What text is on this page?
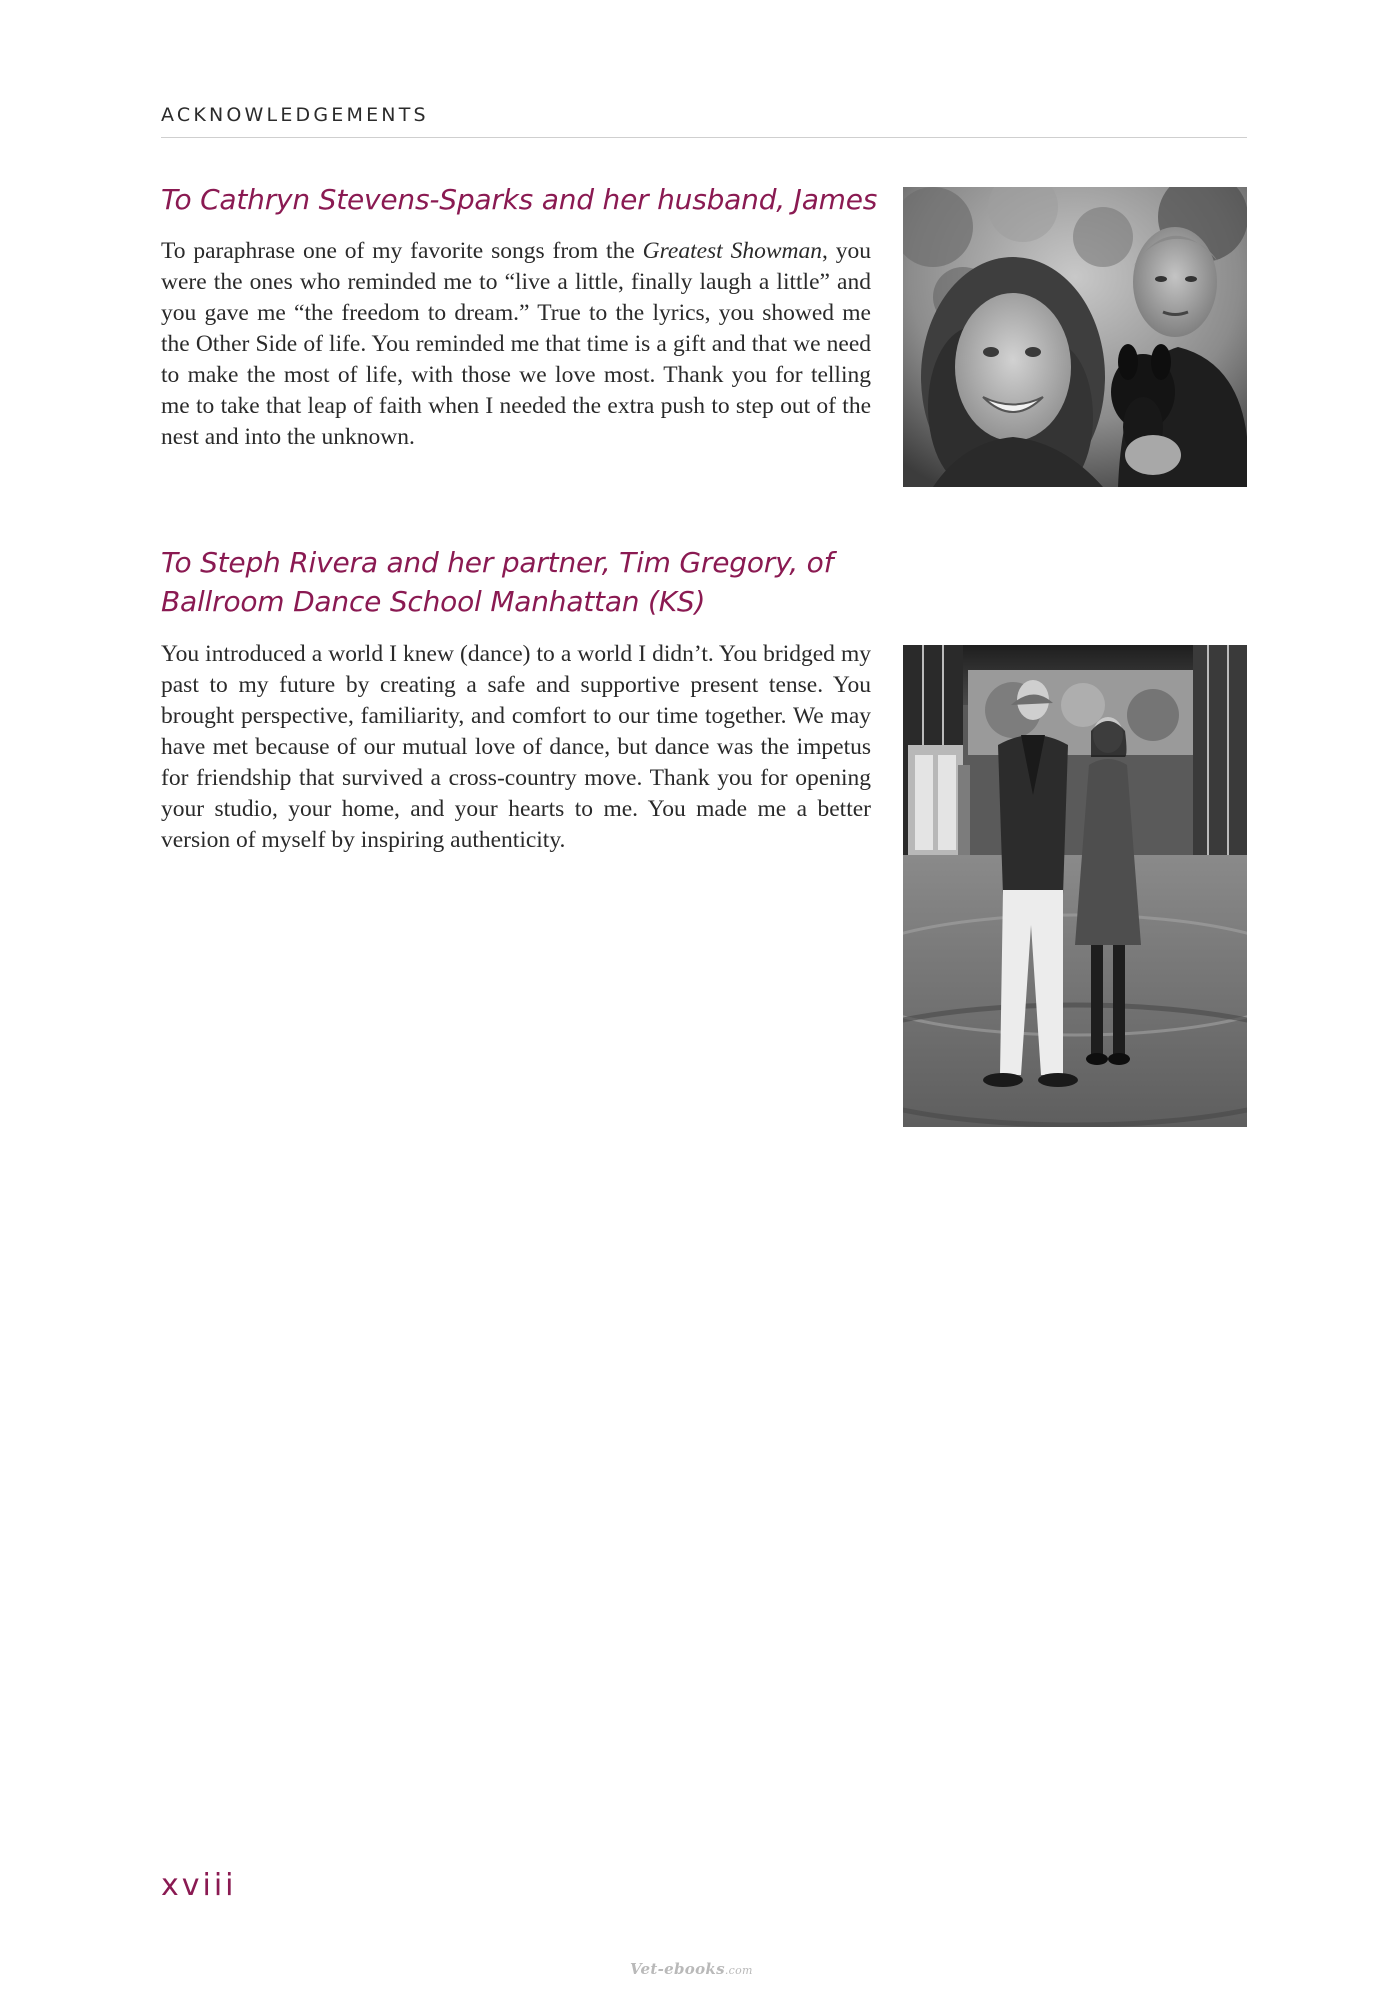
ACKNOWLEDGEMENTS
To Cathryn Stevens-Sparks and her husband, James

To paraphrase one of my favorite songs from the Greatest Showman, you were the ones who reminded me to “live a little, finally laugh a little” and you gave me “the freedom to dream.” True to the lyrics, you showed me the Other Side of life. You reminded me that time is a gift and that we need to make the most of life, with those we love most. Thank you for telling me to take that leap of faith when I needed the extra push to step out of the nest and into the unknown.

To Steph Rivera and her partner, Tim Gregory, of
Ballroom Dance School Manhattan (KS)

You introduced a world I knew (dance) to a world I didn’t. You bridged my past to my future by creating a safe and supportive present tense. You brought perspective, familiarity, and comfort to our time together. We may have met because of our mutual love of dance, but dance was the impetus for friendship that survived a cross-country move. Thank you for opening your studio, your home, and your hearts to me. You made me a better version of myself by inspiring authenticity.

xviii
Vet-ebooks.com
